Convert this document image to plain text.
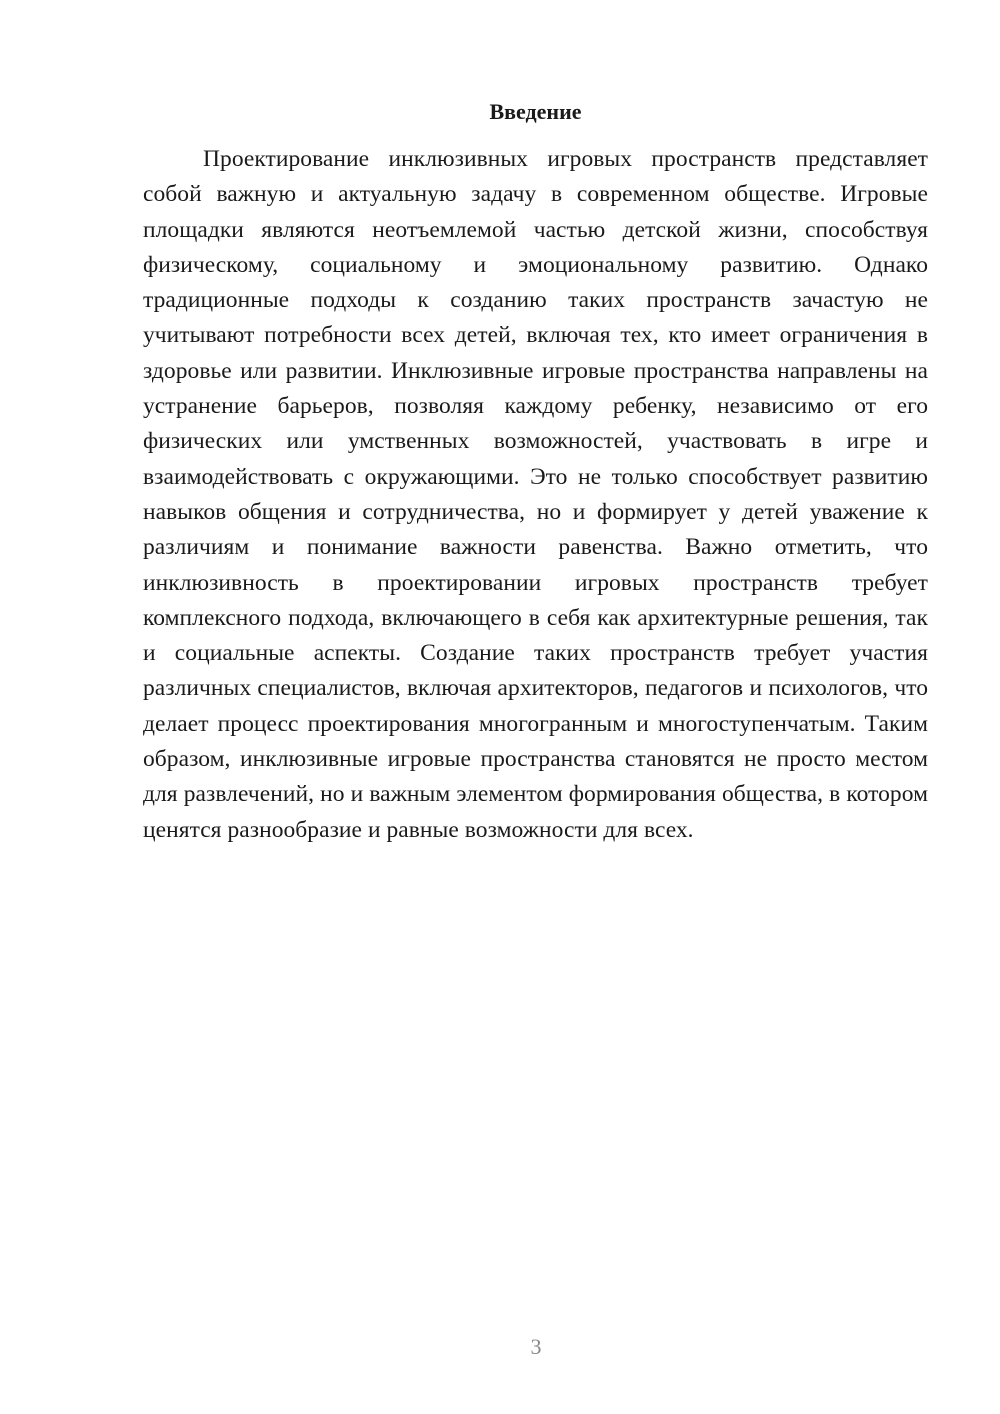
Введение

Проектирование инклюзивных игровых пространств представляет собой важную и актуальную задачу в современном обществе. Игровые площадки являются неотъемлемой частью детской жизни, способствуя физическому, социальному и эмоциональному развитию. Однако традиционные подходы к созданию таких пространств зачастую не учитывают потребности всех детей, включая тех, кто имеет ограничения в здоровье или развитии. Инклюзивные игровые пространства направлены на устранение барьеров, позволяя каждому ребенку, независимо от его физических или умственных возможностей, участвовать в игре и взаимодействовать с окружающими. Это не только способствует развитию навыков общения и сотрудничества, но и формирует у детей уважение к различиям и понимание важности равенства. Важно отметить, что инклюзивность в проектировании игровых пространств требует комплексного подхода, включающего в себя как архитектурные решения, так и социальные аспекты. Создание таких пространств требует участия различных специалистов, включая архитекторов, педагогов и психологов, что делает процесс проектирования многогранным и многоступенчатым. Таким образом, инклюзивные игровые пространства становятся не просто местом для развлечений, но и важным элементом формирования общества, в котором ценятся разнообразие и равные возможности для всех.

3
